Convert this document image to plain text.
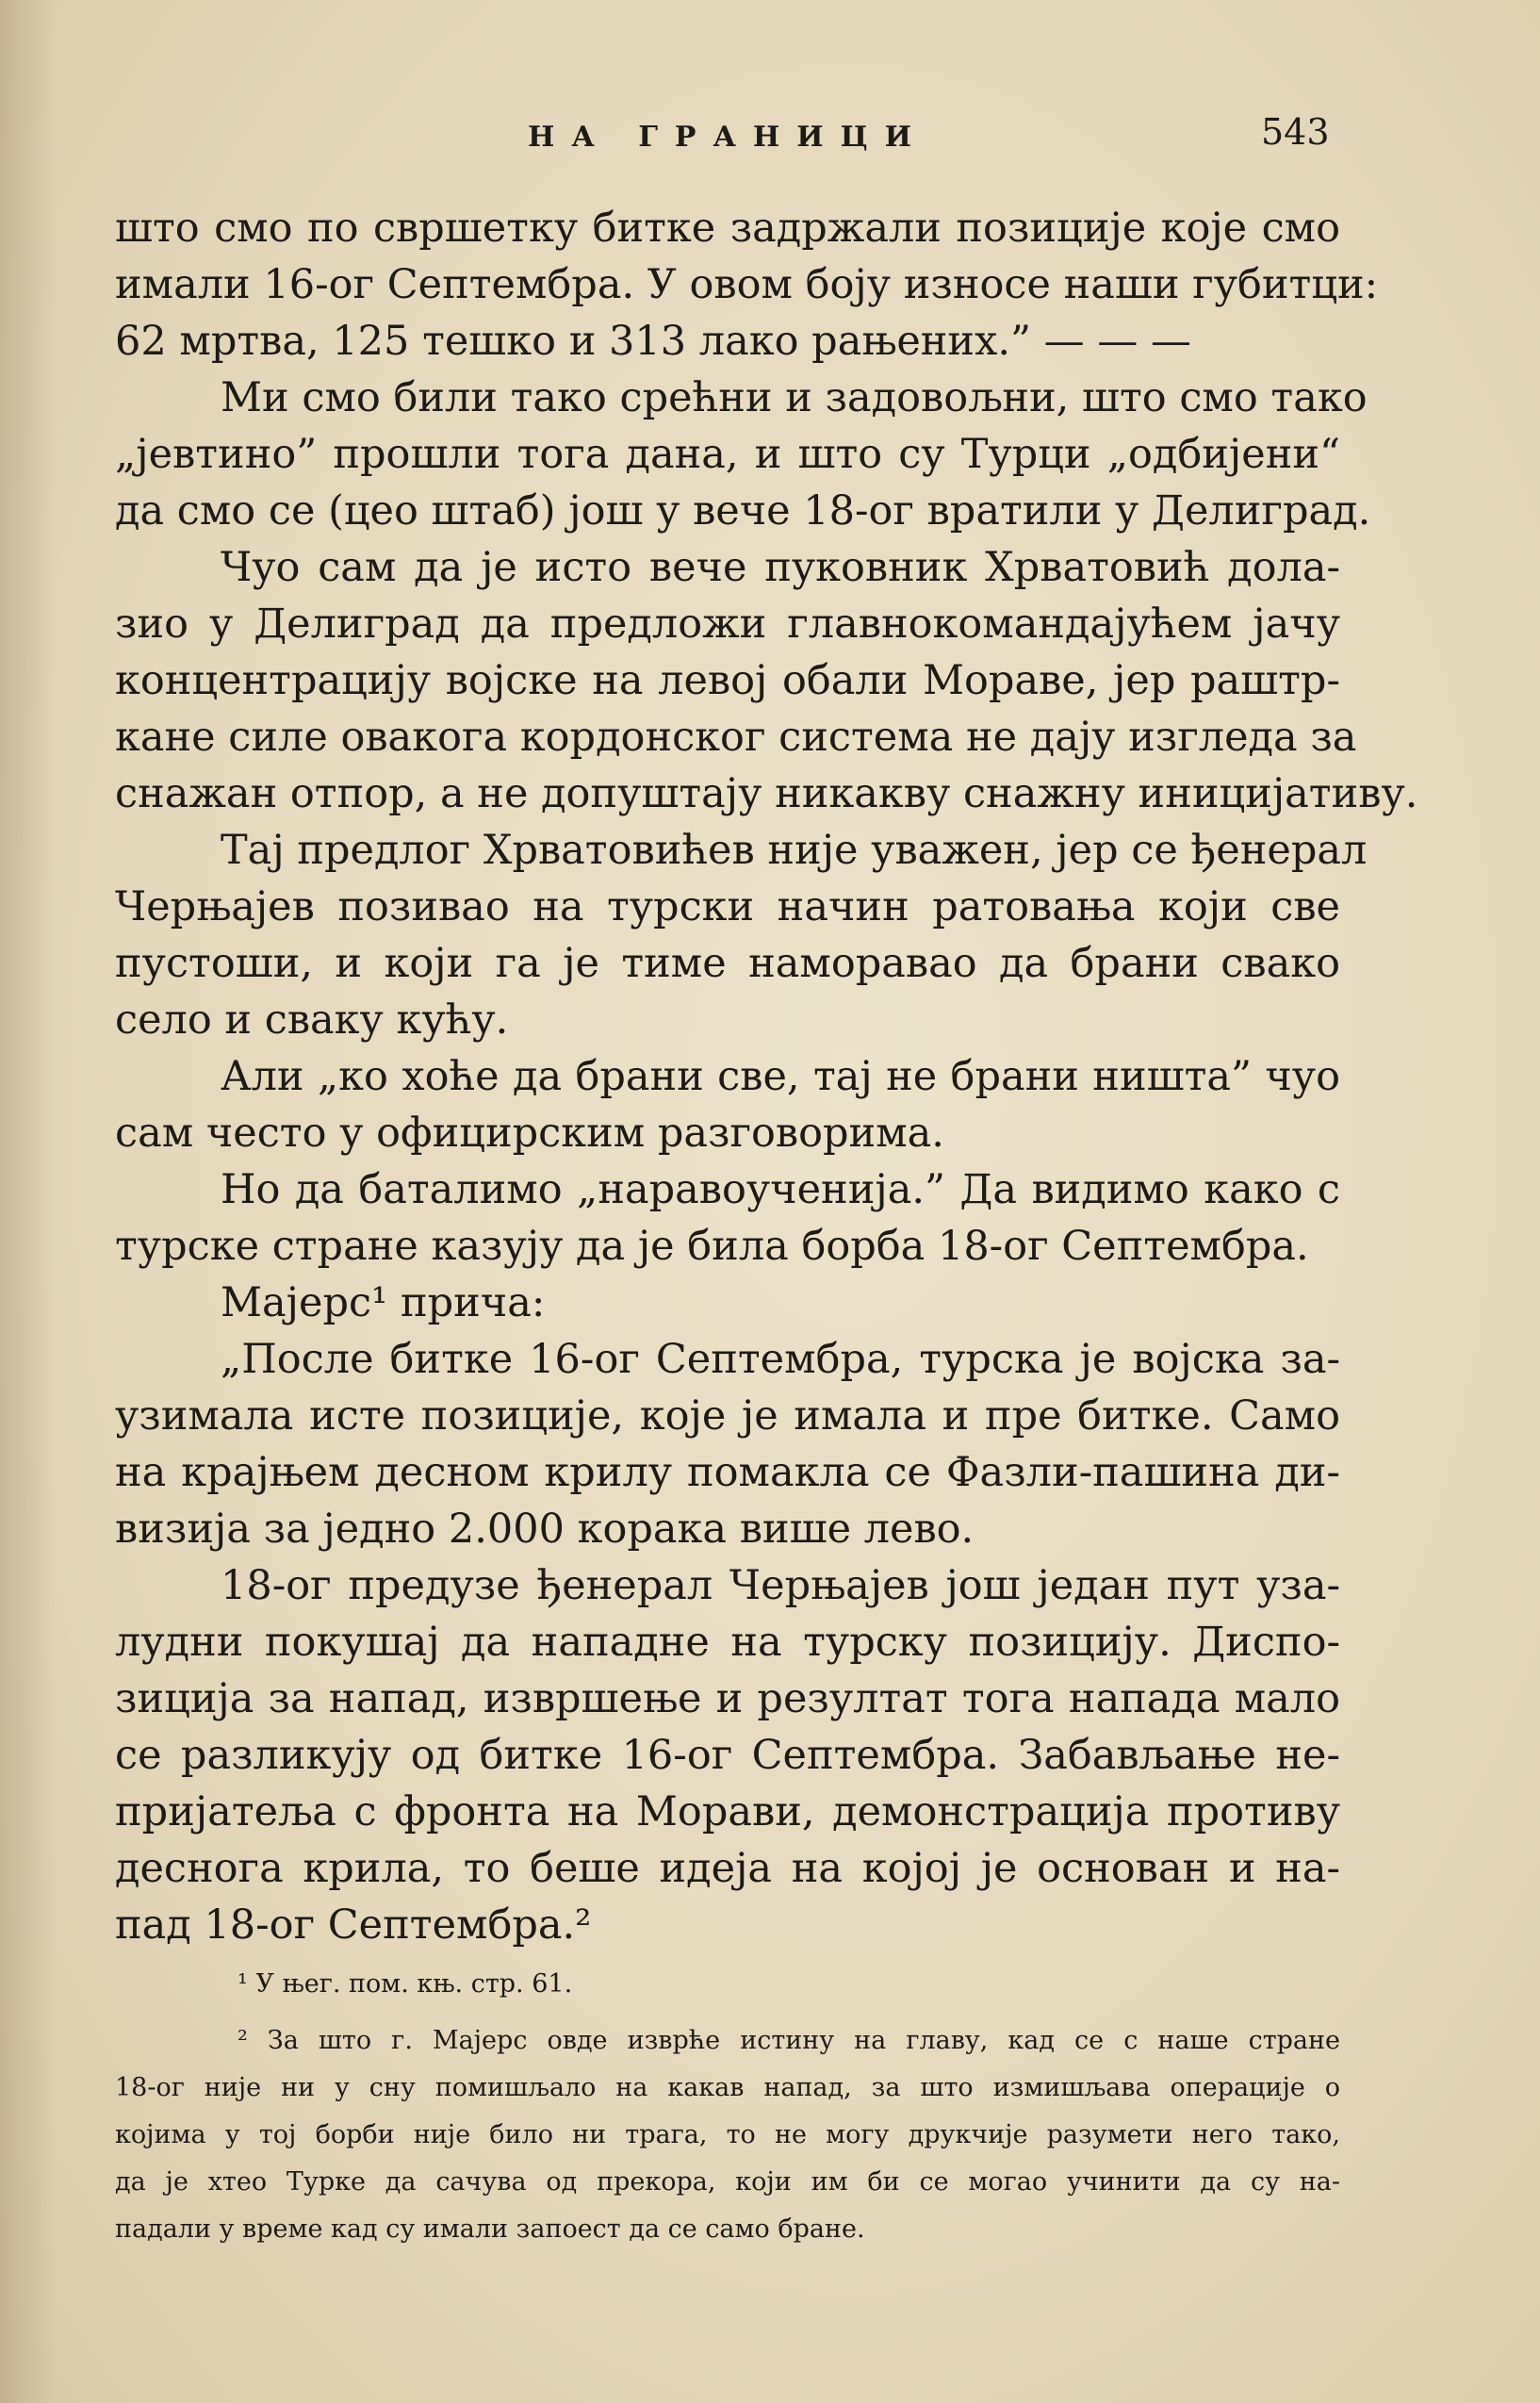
НА ГРАНИЦИ	543
што смо по свршетку битке задржали позиције које смо
имали 16-ог Септембра. У овом боју износе наши губитци:
62 мртва, 125 тешко и 313 лако рањених.” — — —
Ми смо били тако срећни и задовољни, што смо тако
„јевтино” прошли тога дана, и што су Турци „одбијени“
да смо се (цео штаб) још у вече 18-ог вратили у Делиград.
Чуо сам да је исто вече пуковник Хрватовић дола-
зио у Делиград да предложи главнокомандајућем јачу
концентрацију војске на левој обали Мораве, јер раштр-
кане силе овакога кордонског система не дају изгледа за
снажан отпор, а не допуштају никакву снажну иницијативу.
Тај предлог Хрватовићев није уважен, јер се ђенерал
Черњајев позивао на турски начин ратовања који све
пустоши, и који га је тиме наморавао да брани свако
село и сваку кућу.
Али „ко хоће да брани све, тај не брани ништа” чуо
сам често у официрским разговорима.
Но да баталимо „наравоученија.” Да видимо како с
турске стране казују да је била борба 18-ог Септембра.
Мајерс¹ прича:
„После битке 16-ог Септембра, турска је војска за-
узимала исте позиције, које је имала и пре битке. Само
на крајњем десном крилу помакла се Фазли-пашина ди-
визија за једно 2.000 корака више лево.
18-ог предузе ђенерал Черњајев још један пут уза-
лудни покушај да нападне на турску позицију. Диспо-
зиција за напад, извршење и резултат тога напада мало
се разликују од битке 16-ог Септембра. Забављање не-
пријатеља с фронта на Морави, демонстрација противу
деснога крила, то беше идеја на којој је основан и на-
пад 18-ог Септембра.²
¹ У њег. пом. књ. стр. 61.
² За што г. Мајерс овде изврће истину на главу, кад се с наше стране
18-ог није ни у сну помишљало на какав напад, за што измишљава операције о
којима у тој борби није било ни трага, то не могу друкчије разумети него тако,
да је хтео Турке да сачува од прекора, који им би се могао учинити да су на-
падали у време кад су имали запоест да се само бране.
